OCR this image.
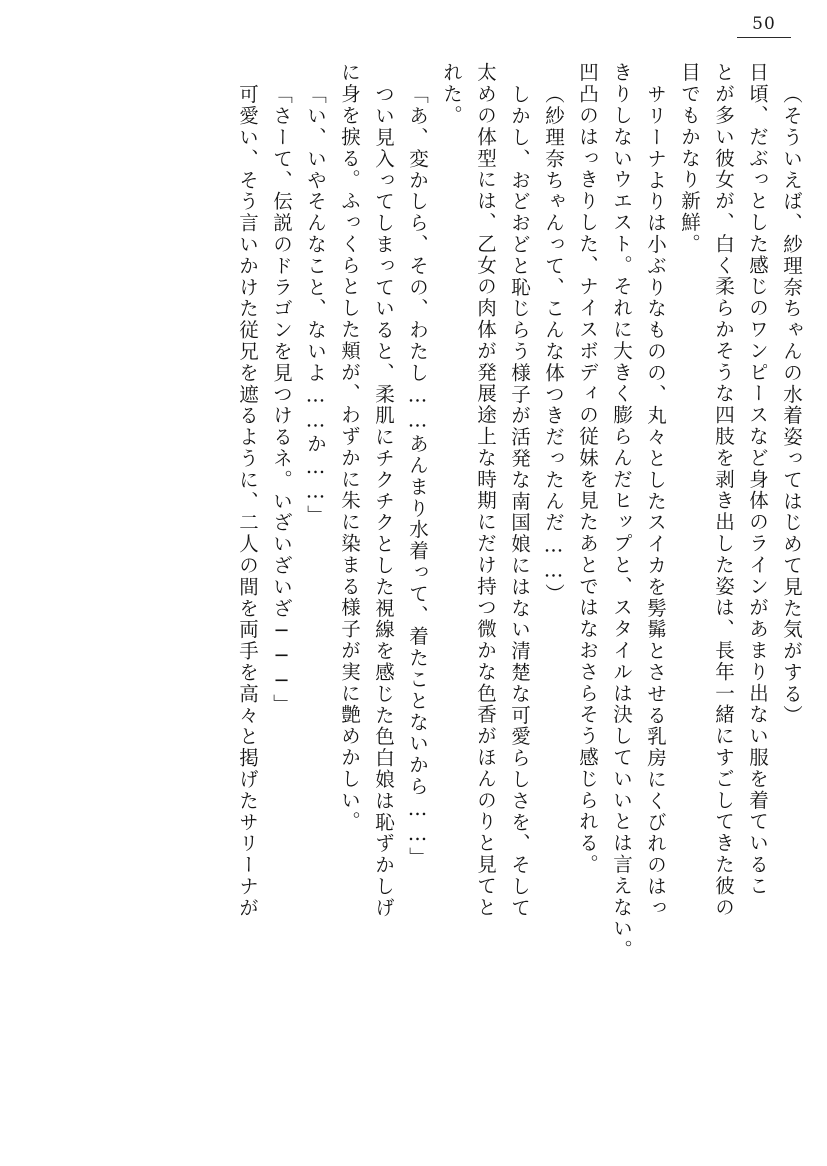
50
（そういえば、紗理奈ちゃんの水着姿ってはじめて見た気がする）
日頃、だぶっとした感じのワンピースなど身体のラインがあまり出ない服を着ているこ
とが多い彼女が、白く柔らかそうな四肢を剥き出した姿は、長年一緒にすごしてきた彼の
目でもかなり新鮮。
サリーナよりは小ぶりなものの、丸々としたスイカを髣髴とさせる乳房にくびれのはっ
きりしないウエスト。それに大きく膨らんだヒップと、スタイルは決していいとは言えない。
凹凸のはっきりした、ナイスボディの従妹を見たあとではなおさらそう感じられる。
（紗理奈ちゃんって、こんな体つきだったんだ……）
しかし、おどおどと恥じらう様子が活発な南国娘にはない清楚な可愛らしさを、そして
太めの体型には、乙女の肉体が発展途上な時期にだけ持つ微かな色香がほんのりと見てと
れた。
「あ、変かしら、その、わたし……あんまり水着って、着たことないから……」
つい見入ってしまっていると、柔肌にチクチクとした視線を感じた色白娘は恥ずかしげ
に身を捩る。ふっくらとした頬が、わずかに朱に染まる様子が実に艶めかしい。
「い、いやそんなこと、ないよ……か……」
「さーて、伝説のドラゴンを見つけるネ。いざいざいざ───」
可愛い、そう言いかけた従兄を遮るように、二人の間を両手を高々と掲げたサリーナが
